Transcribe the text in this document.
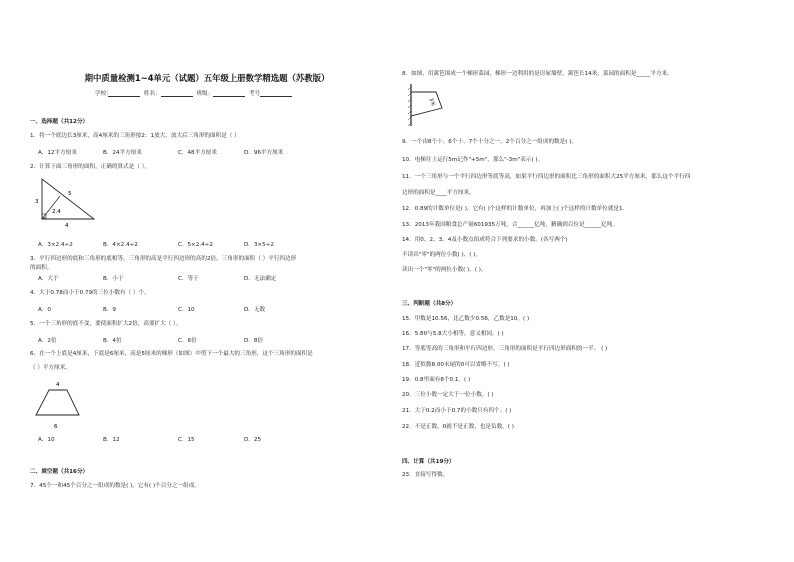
期中质量检测1~4单元（试题）五年级上册数学精选题（苏教版）
学校:	姓名：	班级：	考号
一、选择题（共12分）
1．将一个底边长3厘米，高4厘米的三角形按2：1放大，放大后三角形的面积是（ ）
A．12平方厘米	B．24平方厘米	C．48平方厘米	D．96平方厘米
2．计算下面三角形的面积，正确的算式是（ ）。
3
5
2.4
4
A．3×2.4÷2	B．4×2.4÷2	C．5×2.4÷2	D．3×5÷2
3．平行四边形的底和三角形的底相等，三角形的高是平行四边形的高的2倍，三角形的面积（ ）平行四边形
的面积。
A．大于	B．小于	C．等于	D．无法确定
4．大于0.78而小于0.79的三位小数有（ ）个。
A．0	B．9	C．10	D．无数
5．一个三角形的底不变，要使面积扩大2倍，高要扩大（ ）。
A．2倍	B．4倍	C．6倍	D．8倍
6．在一个上底是4厘米，下底是6厘米，高是5厘米的梯形（如图）中剪下一个最大的三角形，这个三角形的面积是
（ ）平方厘米。
4
6
A．10	B．12	C．15	D．25
二、填空题（共16分）
7．45个一和45个百分之一组成的数是( )，它有( )个百分之一组成。
8．如图，用篱笆围成一个梯形菜园，梯形一边利用的是房屋墙壁，篱笆长14米，菜园的面积是_____平方米。
3米
9．一个由8个十、6个十、7个十分之一、2个百分之一组成的数是( )。
10．电梯往上运行5m记作"+5m"，那么"-3m"表示( )。
11．一个三角形与一个平行四边形等底等高，如果平行四边形的面积比三角形的面积大25平方厘米，那么这个平行四
边形的面积是____平方厘米。
12．0.89的计数单位是( )，它有( )个这样的计数单位，再加上( )个这样的计数单位就是1.
13．2013年我国粮食总产量601935万吨，合______亿吨，精确到百位是______亿吨。
14．用0、2、3、4及小数点组成符合下列要求的小数。(各写两个)
不读出"零"的两位小数( )、( )。
读出一个"零"的两位小数( )、( )。
三、判断题（共8分）
15．甲数是10.56，比乙数少0.56，乙数是10。( )
16．5.80与5.8大小相等，意义相同。( )
17．等底等高的三角形和平行四边形，三角形的面积是平行四边形面积的一半。 ( )
18．近似数8.00末尾的0可以省略不写。( )
19．0.8里面有8个0.1。( )
20．三位小数一定大于一位小数。( )
21．大于0.2而小于0.7的小数只有四个。( )
22．不是正数，0就不是正数，也是负数。( )
四、计算（共19分）
23．直接写得数。
